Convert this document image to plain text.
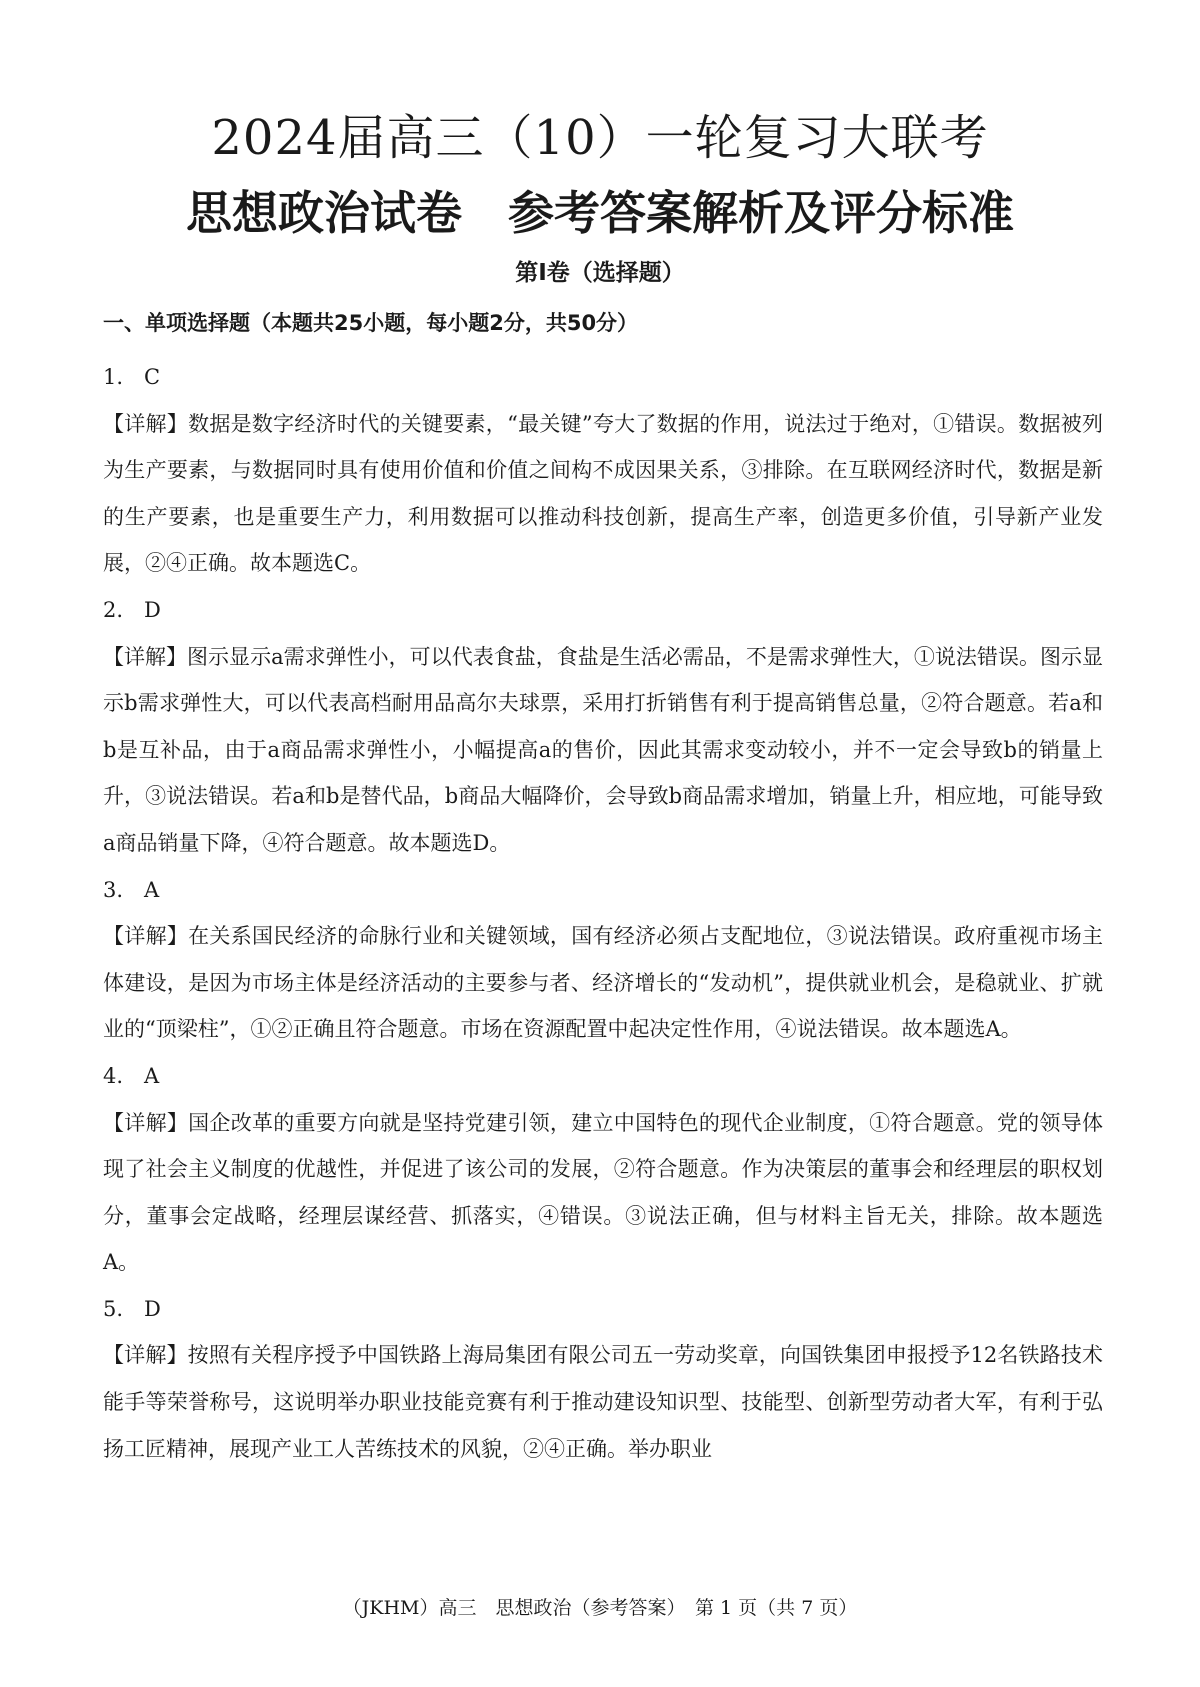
2024届高三（10）一轮复习大联考
思想政治试卷　参考答案解析及评分标准
第Ⅰ卷（选择题）
一、单项选择题（本题共25小题，每小题2分，共50分）

1.　C

【详解】数据是数字经济时代的关键要素，“最关键”夸大了数据的作用，说法过于绝对，①错误。数据被列为生产要素，与数据同时具有使用价值和价值之间构不成因果关系，③排除。在互联网经济时代，数据是新的生产要素，也是重要生产力，利用数据可以推动科技创新，提高生产率，创造更多价值，引导新产业发展，②④正确。故本题选C。

2.　D

【详解】图示显示a需求弹性小，可以代表食盐，食盐是生活必需品，不是需求弹性大，①说法错误。图示显示b需求弹性大，可以代表高档耐用品高尔夫球票，采用打折销售有利于提高销售总量，②符合题意。若a和b是互补品，由于a商品需求弹性小，小幅提高a的售价，因此其需求变动较小，并不一定会导致b的销量上升，③说法错误。若a和b是替代品，b商品大幅降价，会导致b商品需求增加，销量上升，相应地，可能导致a商品销量下降，④符合题意。故本题选D。

3.　A

【详解】在关系国民经济的命脉行业和关键领域，国有经济必须占支配地位，③说法错误。政府重视市场主体建设，是因为市场主体是经济活动的主要参与者、经济增长的“发动机”，提供就业机会，是稳就业、扩就业的“顶梁柱”，①②正确且符合题意。市场在资源配置中起决定性作用，④说法错误。故本题选A。

4.　A

【详解】国企改革的重要方向就是坚持党建引领，建立中国特色的现代企业制度，①符合题意。党的领导体现了社会主义制度的优越性，并促进了该公司的发展，②符合题意。作为决策层的董事会和经理层的职权划分，董事会定战略，经理层谋经营、抓落实，④错误。③说法正确，但与材料主旨无关，排除。故本题选A。

5.　D

【详解】按照有关程序授予中国铁路上海局集团有限公司五一劳动奖章，向国铁集团申报授予12名铁路技术能手等荣誉称号，这说明举办职业技能竞赛有利于推动建设知识型、技能型、创新型劳动者大军，有利于弘扬工匠精神，展现产业工人苦练技术的风貌，②④正确。举办职业

（JKHM）高三　思想政治（参考答案）　第 1 页（共 7 页）
